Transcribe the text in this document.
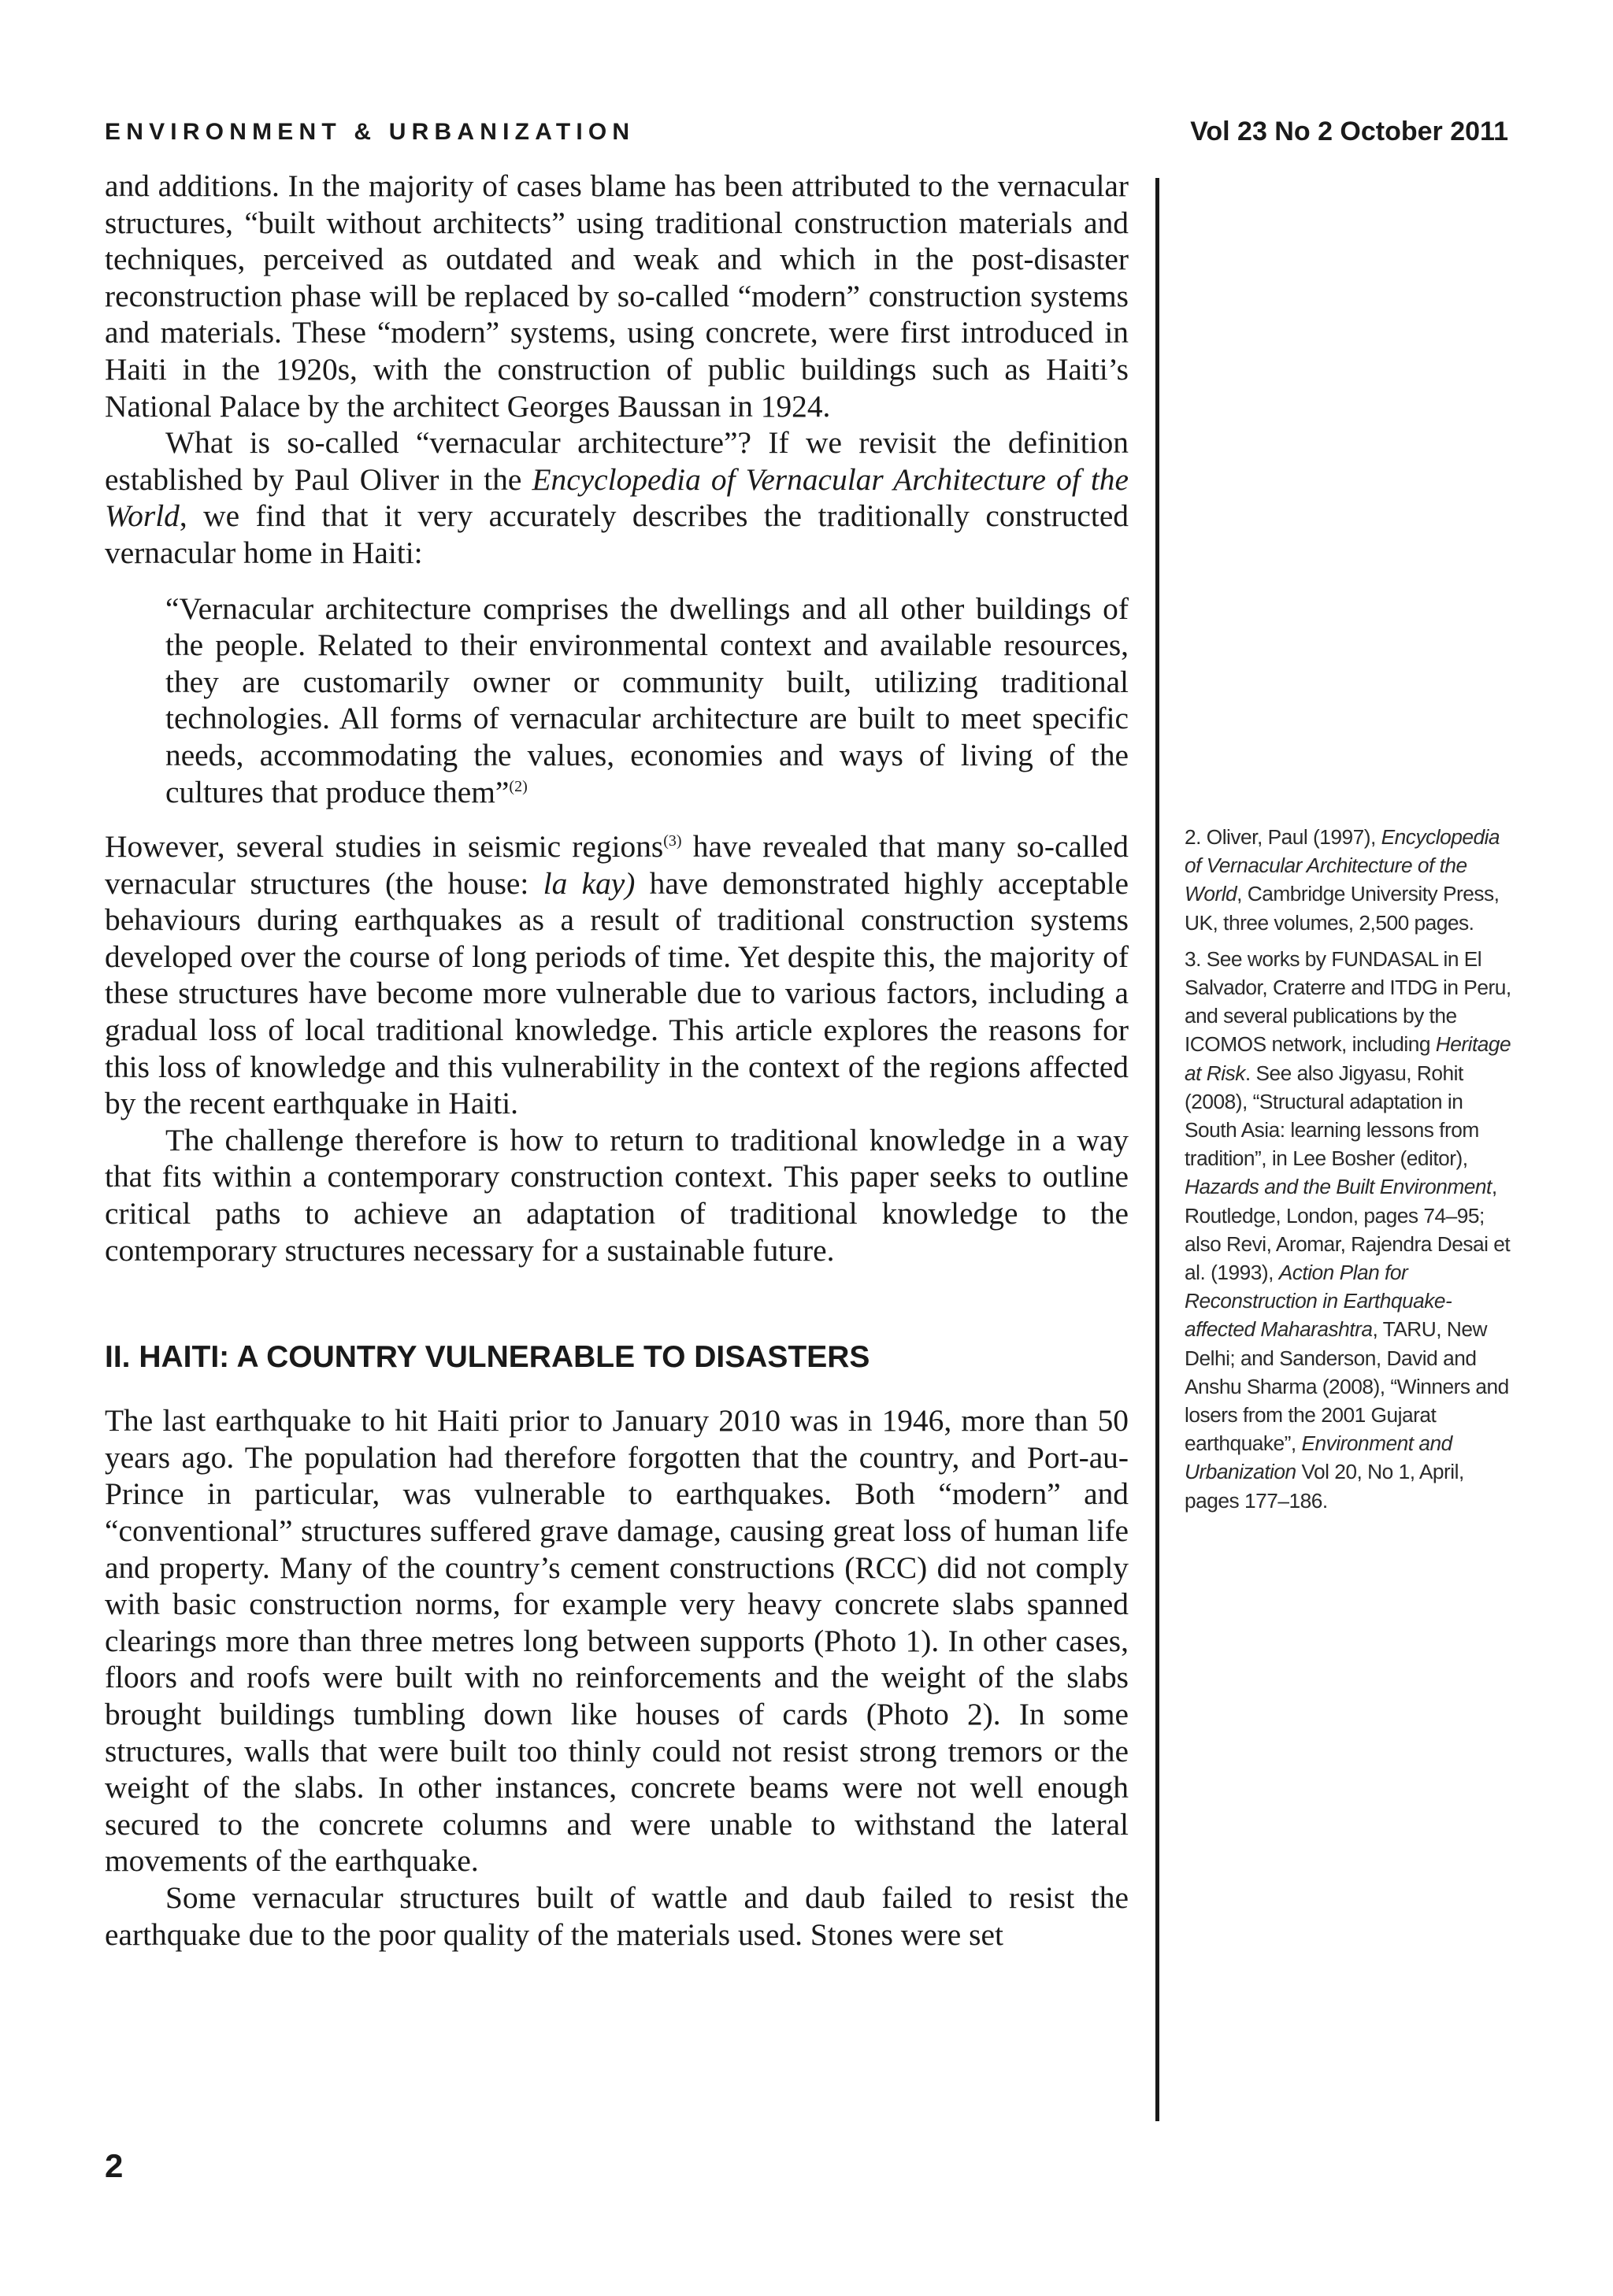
ENVIRONMENT & URBANIZATION	Vol 23 No 2 October 2011

and additions. In the majority of cases blame has been attributed to the vernacular structures, “built without architects” using traditional construction materials and techniques, perceived as outdated and weak and which in the post-disaster reconstruction phase will be replaced by so-called “modern” construction systems and materials. These “modern” systems, using concrete, were first introduced in Haiti in the 1920s, with the construction of public buildings such as Haiti’s National Palace by the architect Georges Baussan in 1924.

What is so-called “vernacular architecture”? If we revisit the definition established by Paul Oliver in the Encyclopedia of Vernacular Architecture of the World, we find that it very accurately describes the traditionally constructed vernacular home in Haiti:

“Vernacular architecture comprises the dwellings and all other buildings of the people. Related to their environmental context and available resources, they are customarily owner or community built, utilizing traditional technologies. All forms of vernacular architecture are built to meet specific needs, accommodating the values, economies and ways of living of the cultures that produce them”$^{(2)}$

However, several studies in seismic regions$^{(3)}$ have revealed that many so-called vernacular structures (the house: la kay) have demonstrated highly acceptable behaviours during earthquakes as a result of traditional construction systems developed over the course of long periods of time. Yet despite this, the majority of these structures have become more vulnerable due to various factors, including a gradual loss of local traditional knowledge. This article explores the reasons for this loss of knowledge and this vulnerability in the context of the regions affected by the recent earthquake in Haiti.

The challenge therefore is how to return to traditional knowledge in a way that fits within a contemporary construction context. This paper seeks to outline critical paths to achieve an adaptation of traditional knowledge to the contemporary structures necessary for a sustainable future.

II. HAITI: A COUNTRY VULNERABLE TO DISASTERS

The last earthquake to hit Haiti prior to January 2010 was in 1946, more than 50 years ago. The population had therefore forgotten that the country, and Port-au-Prince in particular, was vulnerable to earthquakes. Both “modern” and “conventional” structures suffered grave damage, causing great loss of human life and property. Many of the country’s cement constructions (RCC) did not comply with basic construction norms, for example very heavy concrete slabs spanned clearings more than three metres long between supports (Photo 1). In other cases, floors and roofs were built with no reinforcements and the weight of the slabs brought buildings tumbling down like houses of cards (Photo 2). In some structures, walls that were built too thinly could not resist strong tremors or the weight of the slabs. In other instances, concrete beams were not well enough secured to the concrete columns and were unable to withstand the lateral movements of the earthquake.

Some vernacular structures built of wattle and daub failed to resist the earthquake due to the poor quality of the materials used. Stones were set

2. Oliver, Paul (1997), Encyclopedia of Vernacular Architecture of the World, Cambridge University Press, UK, three volumes, 2,500 pages.

3. See works by FUNDASAL in El Salvador, Craterre and ITDG in Peru, and several publications by the ICOMOS network, including Heritage at Risk. See also Jigyasu, Rohit (2008), “Structural adaptation in South Asia: learning lessons from tradition”, in Lee Bosher (editor), Hazards and the Built Environment, Routledge, London, pages 74–95; also Revi, Aromar, Rajendra Desai et al. (1993), Action Plan for Reconstruction in Earthquake-affected Maharashtra, TARU, New Delhi; and Sanderson, David and Anshu Sharma (2008), “Winners and losers from the 2001 Gujarat earthquake”, Environment and Urbanization Vol 20, No 1, April, pages 177–186.

2
